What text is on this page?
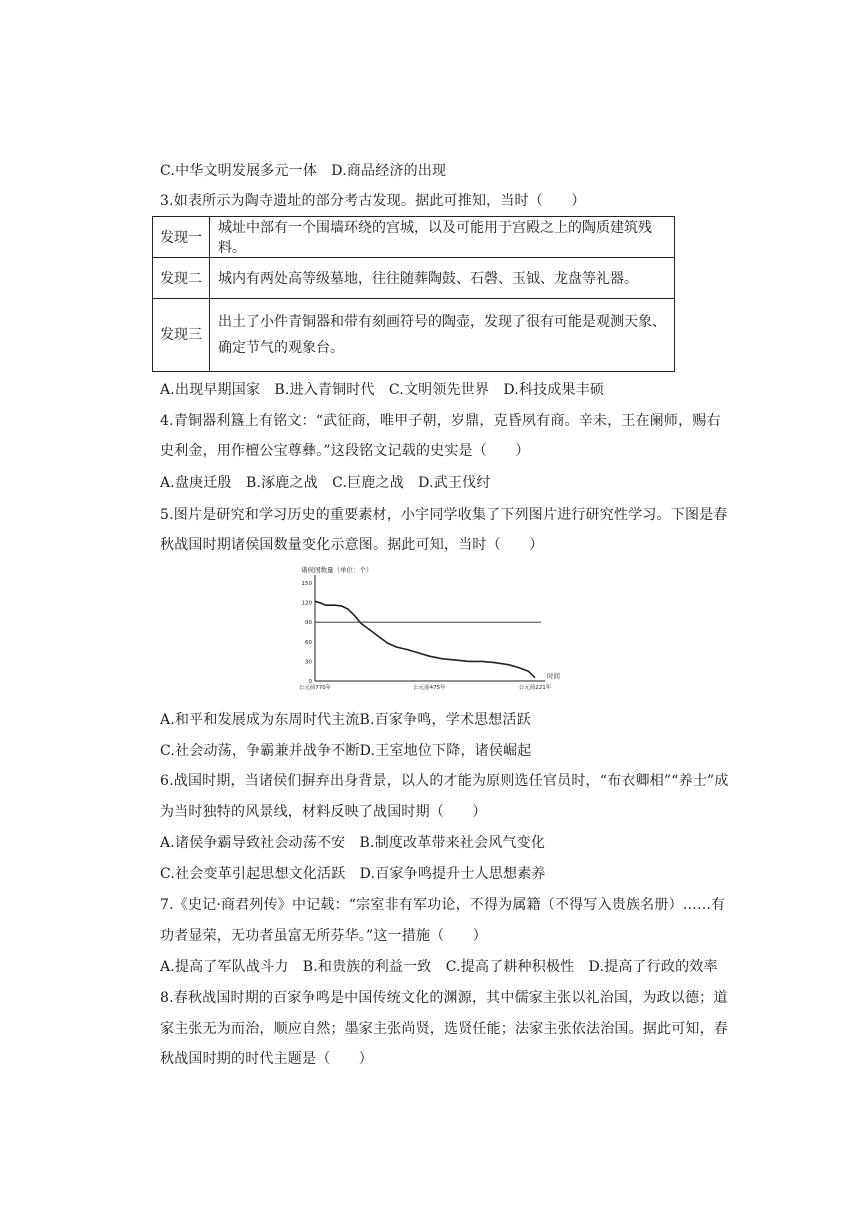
C.中华文明发展多元一体　D.商品经济的出现
3.如表所示为陶寺遗址的部分考古发现。据此可推知，当时（　　）
发现一	城址中部有一个围墙环绕的宫城，以及可能用于宫殿之上的陶质建筑残料。
发现二	城内有两处高等级墓地，往往随葬陶鼓、石磬、玉钺、龙盘等礼器。
发现三	出土了小件青铜器和带有刻画符号的陶壶，发现了很有可能是观测天象、
确定节气的观象台。
A.出现早期国家　B.进入青铜时代　C.文明领先世界　D.科技成果丰硕
4.青铜器利簋上有铭文：“武征商，唯甲子朝，岁鼎，克昏夙有商。辛未，王在阑师，赐右
史利金，用作檀公宝尊彝。”这段铭文记载的史实是（　　）
A.盘庚迁殷　B.涿鹿之战　C.巨鹿之战　D.武王伐纣
5.图片是研究和学习历史的重要素材，小宇同学收集了下列图片进行研究性学习。下图是春
秋战国时期诸侯国数量变化示意图。据此可知，当时（　　）
诸侯国数量（单位：个）
0
30
60
90
120
150
公元前770年	公元前475年	公元前221年
时间
A.和平和发展成为东周时代主流B.百家争鸣，学术思想活跃
C.社会动荡，争霸兼并战争不断D.王室地位下降，诸侯崛起
6.战国时期，当诸侯们摒弃出身背景，以人的才能为原则选任官员时，“布衣卿相”“养士”成
为当时独特的风景线，材料反映了战国时期（　　）
A.诸侯争霸导致社会动荡不安　B.制度改革带来社会风气变化
C.社会变革引起思想文化活跃　D.百家争鸣提升士人思想素养
7.《史记·商君列传》中记载：“宗室非有军功论，不得为属籍（不得写入贵族名册）……有
功者显荣，无功者虽富无所芬华。”这一措施（　　）
A.提高了军队战斗力　B.和贵族的利益一致　C.提高了耕种积极性　D.提高了行政的效率
8.春秋战国时期的百家争鸣是中国传统文化的渊源，其中儒家主张以礼治国，为政以德；道
家主张无为而治，顺应自然；墨家主张尚贤，选贤任能；法家主张依法治国。据此可知，春
秋战国时期的时代主题是（　　）
